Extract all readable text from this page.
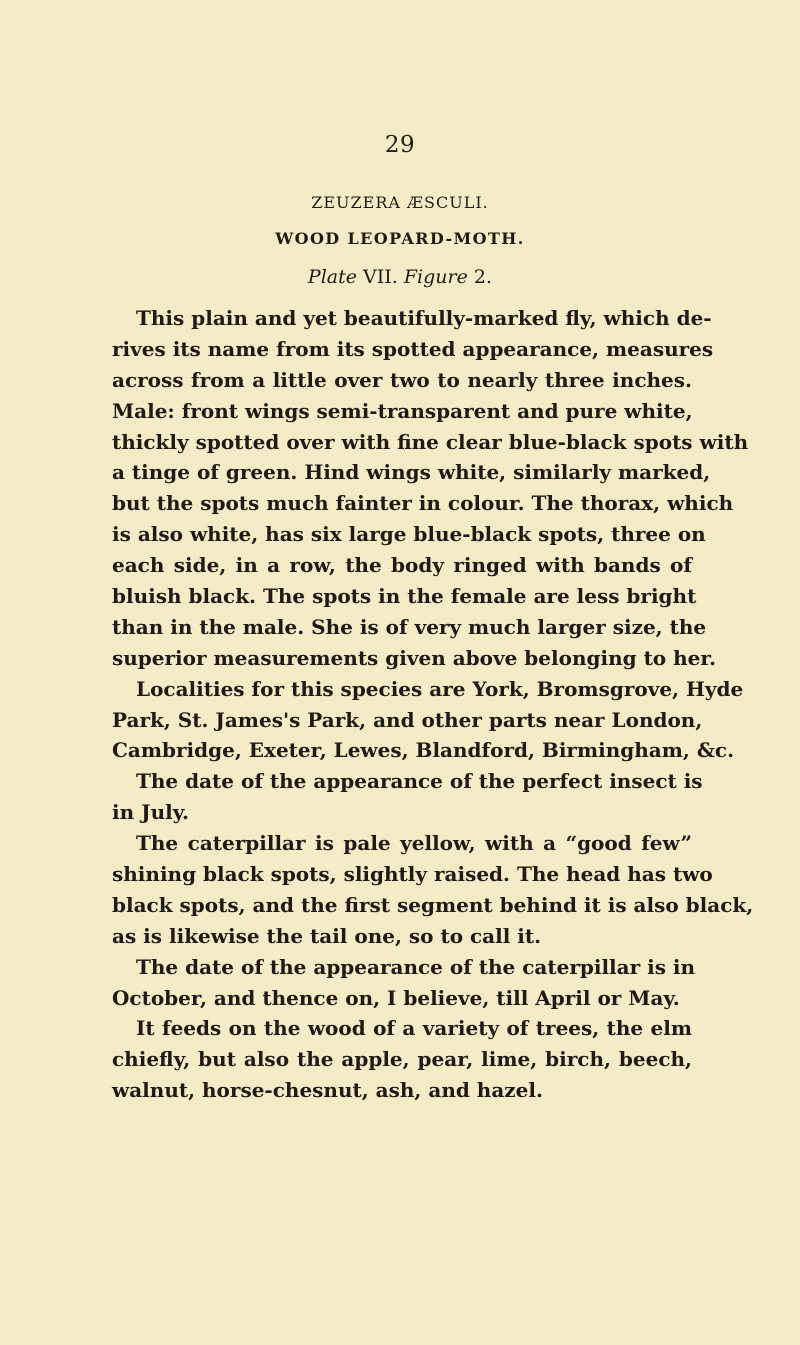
29
ZEUZERA ÆSCULI.
WOOD LEOPARD-MOTH.
Plate VII. Figure 2.
This plain and yet beautifully-marked fly, which de-
rives its name from its spotted appearance, measures
across from a little over two to nearly three inches.
Male: front wings semi-transparent and pure white,
thickly spotted over with fine clear blue-black spots with
a tinge of green. Hind wings white, similarly marked,
but the spots much fainter in colour. The thorax, which
is also white, has six large blue-black spots, three on
each side, in a row, the body ringed with bands of
bluish black. The spots in the female are less bright
than in the male. She is of very much larger size, the
superior measurements given above belonging to her.
Localities for this species are York, Bromsgrove, Hyde
Park, St. James's Park, and other parts near London,
Cambridge, Exeter, Lewes, Blandford, Birmingham, &c.
The date of the appearance of the perfect insect is
in July.
The caterpillar is pale yellow, with a “good few”
shining black spots, slightly raised. The head has two
black spots, and the first segment behind it is also black,
as is likewise the tail one, so to call it.
The date of the appearance of the caterpillar is in
October, and thence on, I believe, till April or May.
It feeds on the wood of a variety of trees, the elm
chiefly, but also the apple, pear, lime, birch, beech,
walnut, horse-chesnut, ash, and hazel.
